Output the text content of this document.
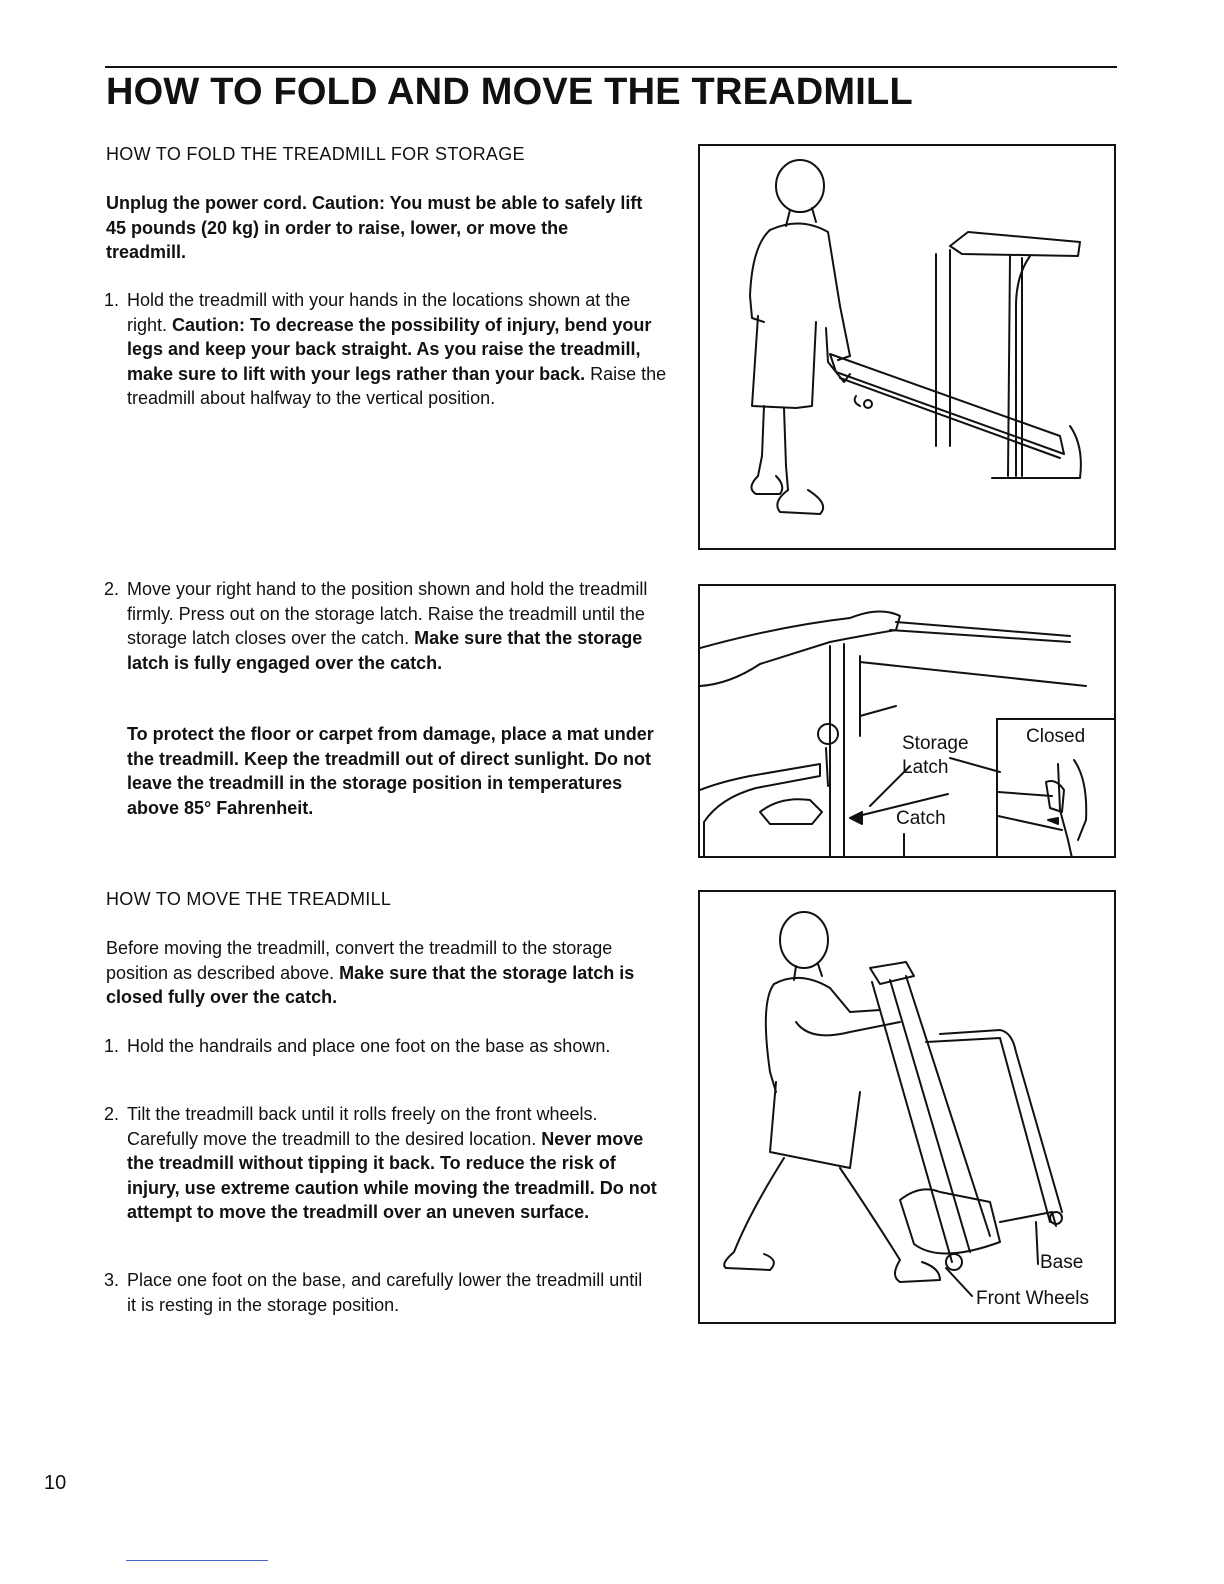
HOW TO FOLD AND MOVE THE TREADMILL
HOW TO FOLD THE TREADMILL FOR STORAGE

Unplug the power cord. Caution: You must be able to safely lift 45 pounds (20 kg) in order to raise, lower, or move the treadmill.

1. Hold the treadmill with your hands in the locations shown at the right. Caution: To decrease the possibility of injury, bend your legs and keep your back straight. As you raise the treadmill, make sure to lift with your legs rather than your back. Raise the treadmill about halfway to the vertical position.
2. Move your right hand to the position shown and hold the treadmill firmly. Press out on the storage latch. Raise the treadmill until the storage latch closes over the catch. Make sure that the storage latch is fully engaged over the catch.

To protect the floor or carpet from damage, place a mat under the treadmill. Keep the treadmill out of direct sunlight. Do not leave the treadmill in the storage position in temperatures above 85° Fahrenheit.

HOW TO MOVE THE TREADMILL

Before moving the treadmill, convert the treadmill to the storage position as described above. Make sure that the storage latch is closed fully over the catch.

1. Hold the handrails and place one foot on the base as shown.
2. Tilt the treadmill back until it rolls freely on the front wheels. Carefully move the treadmill to the desired location. Never move the treadmill without tipping it back. To reduce the risk of injury, use extreme caution while moving the treadmill. Do not attempt to move the treadmill over an uneven surface.
3. Place one foot on the base, and carefully lower the treadmill until it is resting in the storage position.
Storage
Latch
Catch
Closed
Base
Front Wheels
10
